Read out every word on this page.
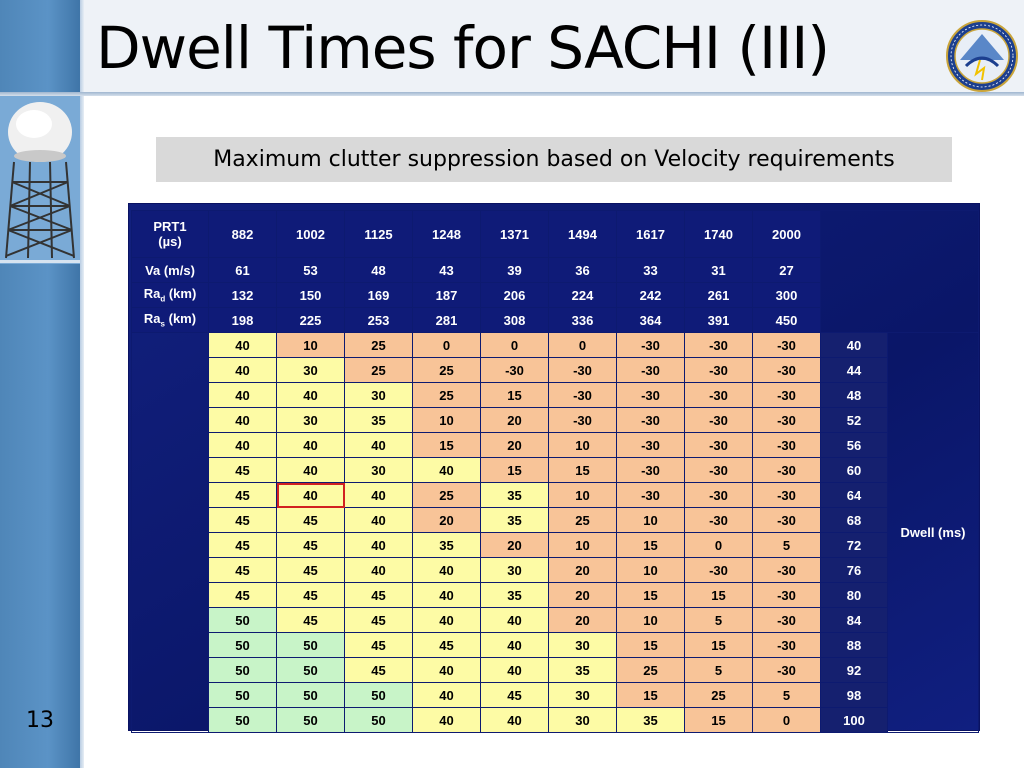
Dwell Times for SACHI (III)
Maximum clutter suppression based on Velocity requirements
PRT1
(µs)	882	1002	1125	1248	1371	1494	1617	1740	2000		
Va (m/s)	61	53	48	43	39	36	33	31	27		
$Ra_d$ (km)	132	150	169	187	206	224	242	261	300		
$Ra_s$ (km)	198	225	253	281	308	336	364	391	450		
	40	10	25	0	0	0	-30	-30	-30	40	Dwell (ms)
	40	30	25	25	-30	-30	-30	-30	-30	44	
	40	40	30	25	15	-30	-30	-30	-30	48	
	40	30	35	10	20	-30	-30	-30	-30	52	
	40	40	40	15	20	10	-30	-30	-30	56	
	45	40	30	40	15	15	-30	-30	-30	60	
	45	40	40	25	35	10	-30	-30	-30	64	
	45	45	40	20	35	25	10	-30	-30	68	
	45	45	40	35	20	10	15	0	5	72	
	45	45	40	40	30	20	10	-30	-30	76	
	45	45	45	40	35	20	15	15	-30	80	
	50	45	45	40	40	20	10	5	-30	84	
	50	50	45	45	40	30	15	15	-30	88	
	50	50	45	40	40	35	25	5	-30	92	
	50	50	50	40	45	30	15	25	5	98	
	50	50	50	40	40	30	35	15	0	100	
13
